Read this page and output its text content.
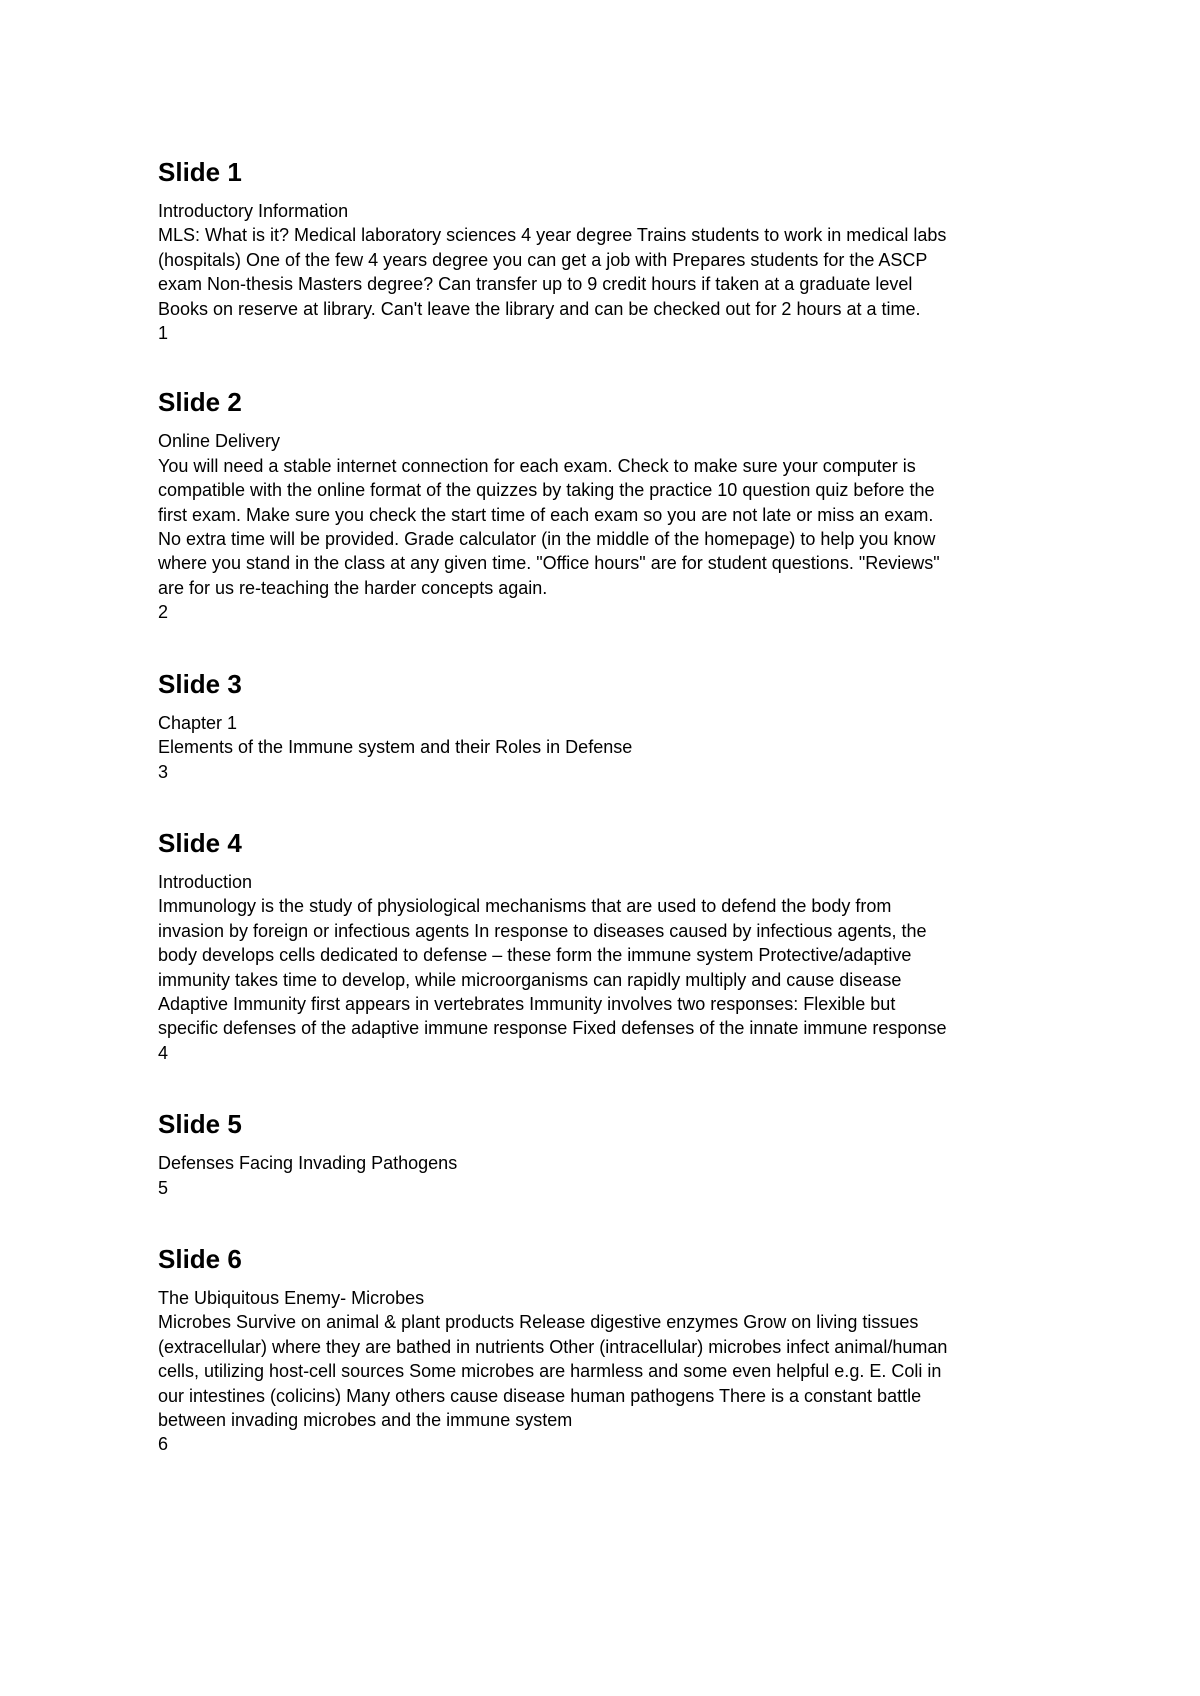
Slide 1

Introductory Information

MLS: What is it? Medical laboratory sciences 4 year degree Trains students to work in medical labs
(hospitals) One of the few 4 years degree you can get a job with Prepares students for the ASCP
exam Non-thesis Masters degree? Can transfer up to 9 credit hours if taken at a graduate level
Books on reserve at library. Can't leave the library and can be checked out for 2 hours at a time.

1

Slide 2

Online Delivery

You will need a stable internet connection for each exam. Check to make sure your computer is
compatible with the online format of the quizzes by taking the practice 10 question quiz before the
first exam. Make sure you check the start time of each exam so you are not late or miss an exam.
No extra time will be provided. Grade calculator (in the middle of the homepage) to help you know
where you stand in the class at any given time. "Office hours" are for student questions. "Reviews"
are for us re-teaching the harder concepts again.

2

Slide 3

Chapter 1

Elements of the Immune system and their Roles in Defense

3

Slide 4

Introduction

Immunology is the study of physiological mechanisms that are used to defend the body from
invasion by foreign or infectious agents In response to diseases caused by infectious agents, the
body develops cells dedicated to defense – these form the immune system Protective/adaptive
immunity takes time to develop, while microorganisms can rapidly multiply and cause disease
Adaptive Immunity first appears in vertebrates Immunity involves two responses: Flexible but
specific defenses of the adaptive immune response Fixed defenses of the innate immune response

4

Slide 5

Defenses Facing Invading Pathogens

5

Slide 6

The Ubiquitous Enemy- Microbes

Microbes Survive on animal & plant products Release digestive enzymes Grow on living tissues
(extracellular) where they are bathed in nutrients Other (intracellular) microbes infect animal/human
cells, utilizing host-cell sources Some microbes are harmless and some even helpful e.g. E. Coli in
our intestines (colicins) Many others cause disease human pathogens There is a constant battle
between invading microbes and the immune system

6
